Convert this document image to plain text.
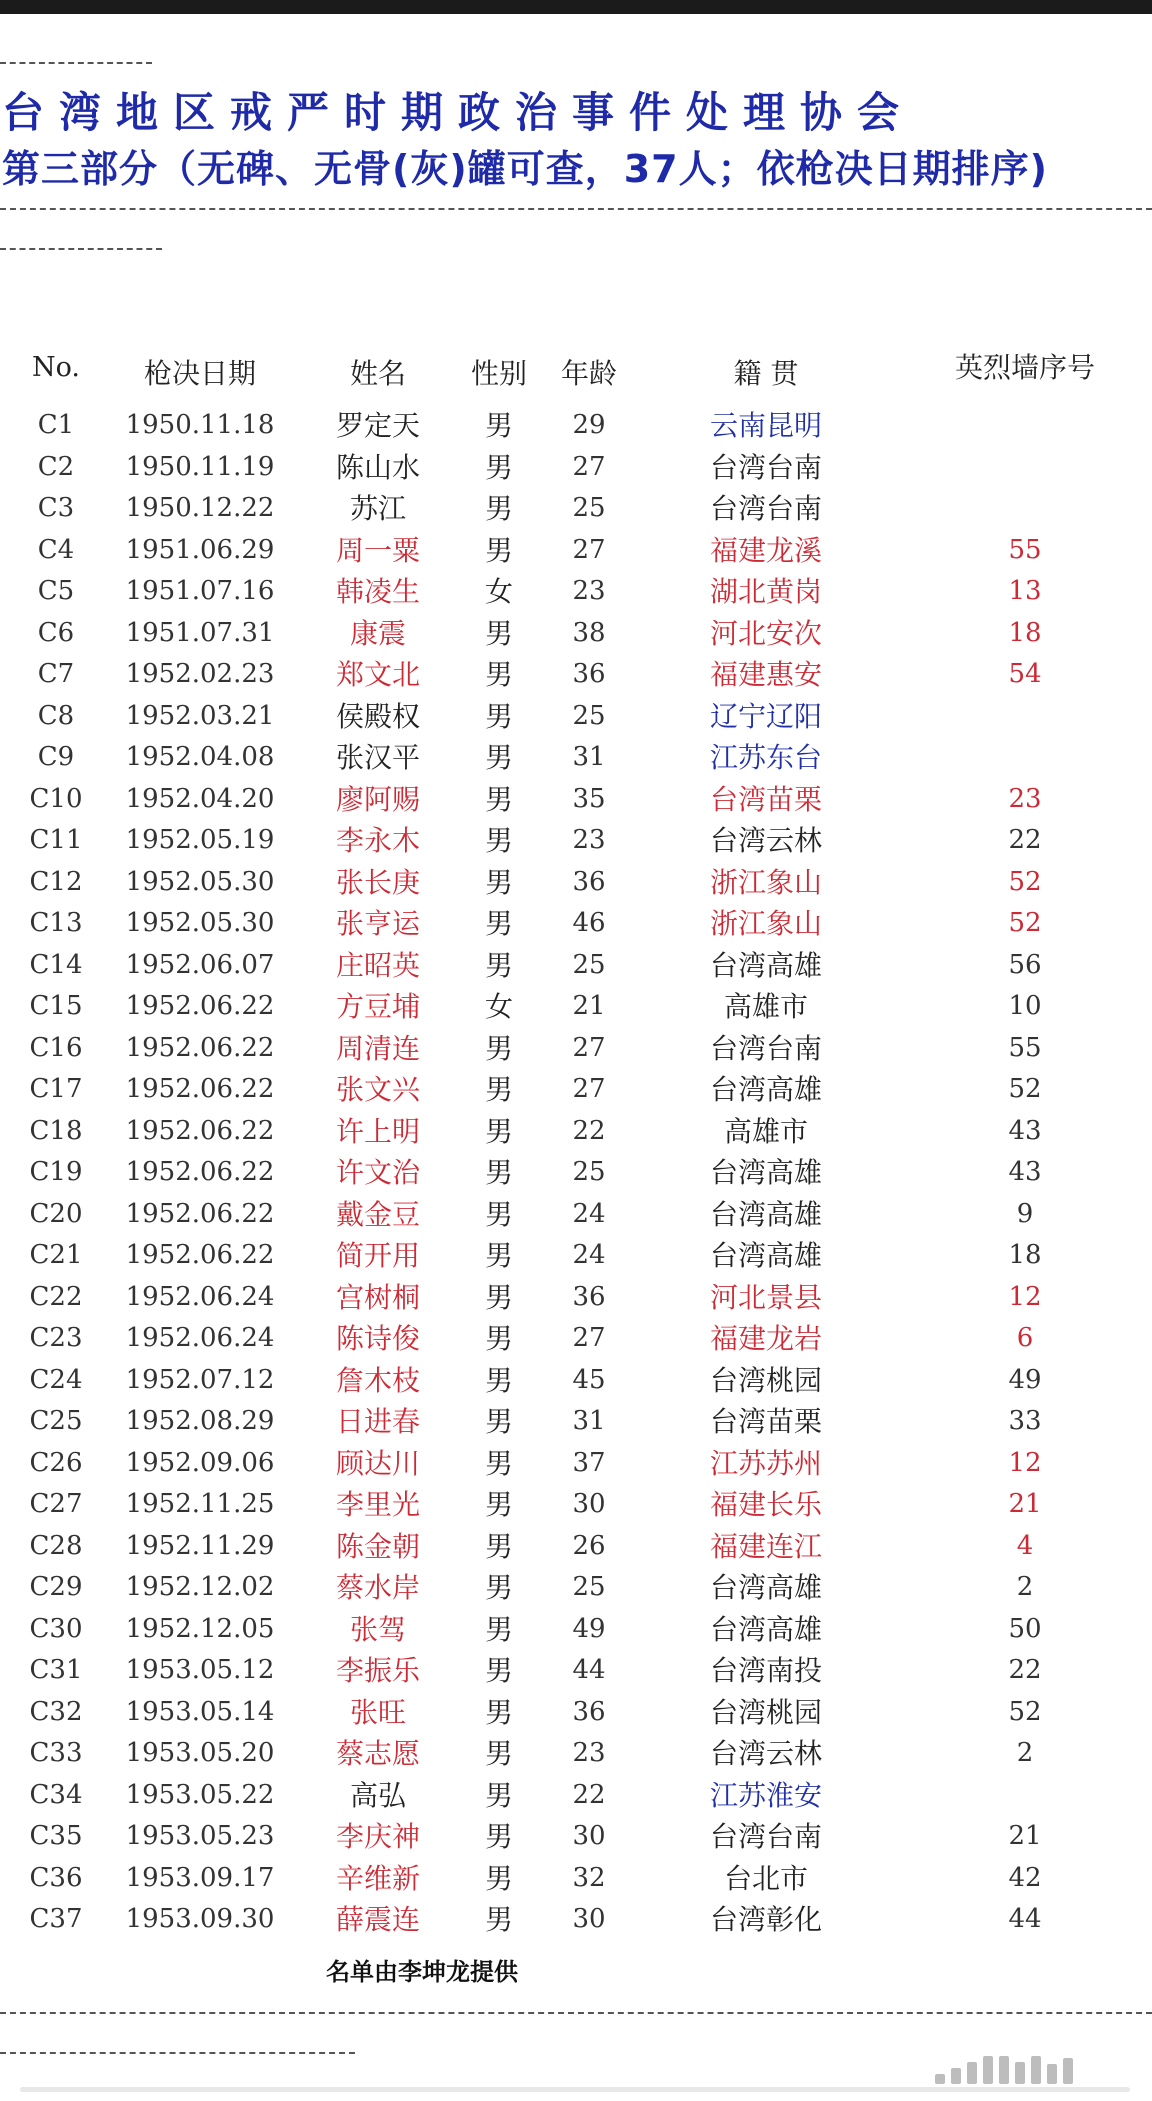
台湾地区戒严时期政治事件处理协会
第三部分（无碑、无骨(灰)罐可查，37人；依枪决日期排序)
No. 枪决日期	姓名 性别 年龄	籍 贯	英烈墙序号
C1 1950.11.18 罗定天 男 29	云南昆明
C2 1950.11.19 陈山水 男 27	台湾台南
C3 1950.12.22	苏江	男 25	台湾台南
C4 1951.06.29 周一粟 男 27	福建龙溪	55
C5 1951.07.16 韩凌生 女 23	湖北黄岗	13
C6 1951.07.31	康震	男 38	河北安次	18
C7 1952.02.23 郑文北 男 36	福建惠安	54
C8 1952.03.21 侯殿权 男 25	辽宁辽阳
C9 1952.04.08 张汉平 男 31	江苏东台
C10 1952.04.20 廖阿赐 男 35	台湾苗栗	23
C11 1952.05.19 李永木 男 23	台湾云林	22
C12 1952.05.30 张长庚 男 36	浙江象山	52
C13 1952.05.30 张亨运 男 46	浙江象山	52
C14 1952.06.07 庄昭英 男 25	台湾高雄	56
C15 1952.06.22 方豆埔 女 21	高雄市	10
C16 1952.06.22 周清连 男 27	台湾台南	55
C17 1952.06.22 张文兴 男 27	台湾高雄	52
C18 1952.06.22 许上明 男 22	高雄市	43
C19 1952.06.22 许文治 男 25	台湾高雄	43
C20 1952.06.22 戴金豆 男 24	台湾高雄	9
C21 1952.06.22 简开用 男 24	台湾高雄	18
C22 1952.06.24 宫树桐 男 36	河北景县	12
C23 1952.06.24 陈诗俊 男 27	福建龙岩	6
C24 1952.07.12 詹木枝 男 45	台湾桃园	49
C25 1952.08.29 日进春 男 31	台湾苗栗	33
C26 1952.09.06 顾达川 男 37	江苏苏州	12
C27 1952.11.25 李里光 男 30	福建长乐	21
C28 1952.11.29 陈金朝 男 26	福建连江	4
C29 1952.12.02 蔡水岸 男 25	台湾高雄	2
C30 1952.12.05	张驾	男 49	台湾高雄	50
C31 1953.05.12 李振乐 男 44	台湾南投	22
C32 1953.05.14	张旺	男 36	台湾桃园	52
C33 1953.05.20 蔡志愿 男 23	台湾云林	2
C34 1953.05.22	高弘	男 22	江苏淮安
C35 1953.05.23 李庆神 男 30	台湾台南	21
C36 1953.09.17 辛维新 男 32	台北市	42
C37 1953.09.30 薛震连 男 30	台湾彰化	44
名单由李坤龙提供
